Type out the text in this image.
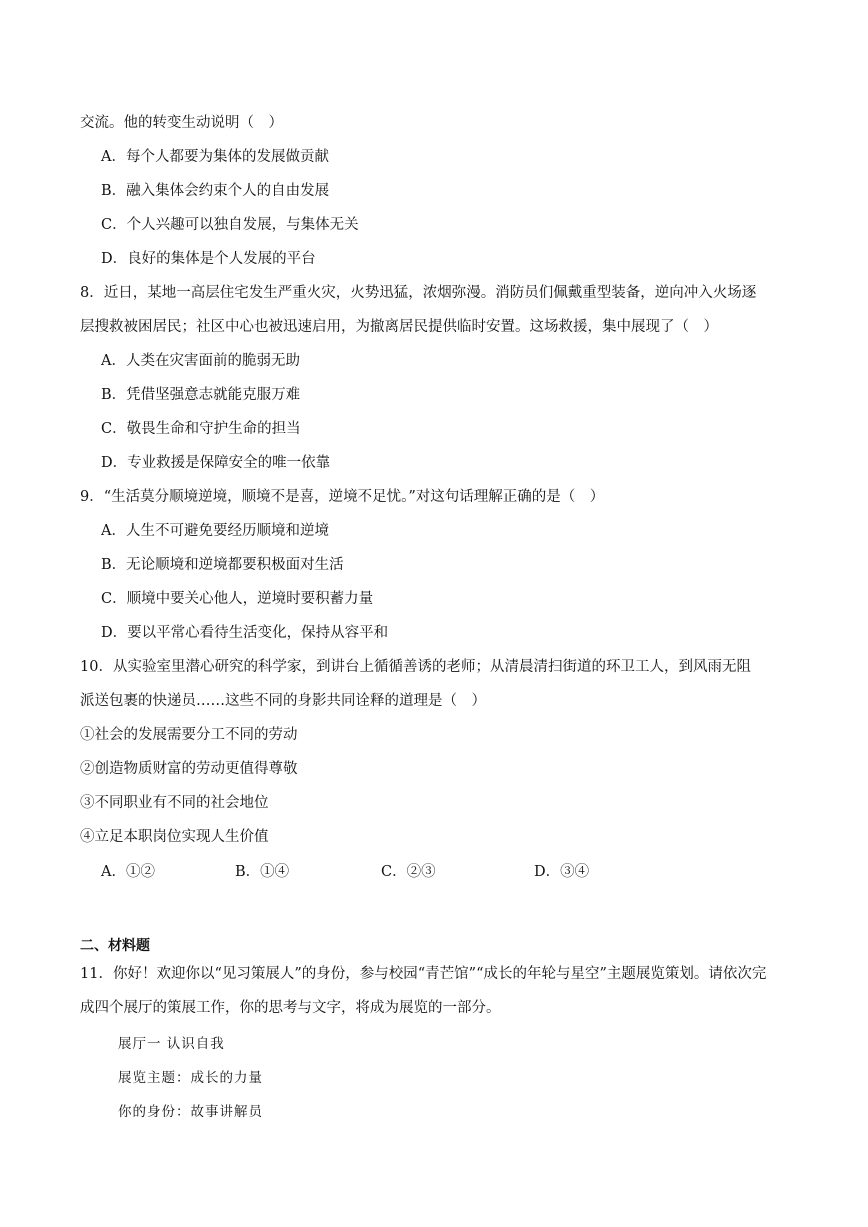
交流。他的转变生动说明（　）
A．每个人都要为集体的发展做贡献
B．融入集体会约束个人的自由发展
C．个人兴趣可以独自发展，与集体无关
D．良好的集体是个人发展的平台
8．近日，某地一高层住宅发生严重火灾，火势迅猛，浓烟弥漫。消防员们佩戴重型装备，逆向冲入火场逐
层搜救被困居民；社区中心也被迅速启用，为撤离居民提供临时安置。这场救援，集中展现了（　）
A．人类在灾害面前的脆弱无助
B．凭借坚强意志就能克服万难
C．敬畏生命和守护生命的担当
D．专业救援是保障安全的唯一依靠
9．“生活莫分顺境逆境，顺境不是喜，逆境不足忧。”对这句话理解正确的是（　）
A．人生不可避免要经历顺境和逆境
B．无论顺境和逆境都要积极面对生活
C．顺境中要关心他人，逆境时要积蓄力量
D．要以平常心看待生活变化，保持从容平和
10．从实验室里潜心研究的科学家，到讲台上循循善诱的老师；从清晨清扫街道的环卫工人，到风雨无阻
派送包裹的快递员……这些不同的身影共同诠释的道理是（　）
①社会的发展需要分工不同的劳动
②创造物质财富的劳动更值得尊敬
③不同职业有不同的社会地位
④立足本职岗位实现人生价值
A．①②	B．①④	C．②③	D．③④
二、材料题
11．你好！欢迎你以“见习策展人”的身份，参与校园“青芒馆”“成长的年轮与星空”主题展览策划。请依次完
成四个展厅的策展工作，你的思考与文字，将成为展览的一部分。
展厅一 认识自我
展览主题：成长的力量
你的身份：故事讲解员
